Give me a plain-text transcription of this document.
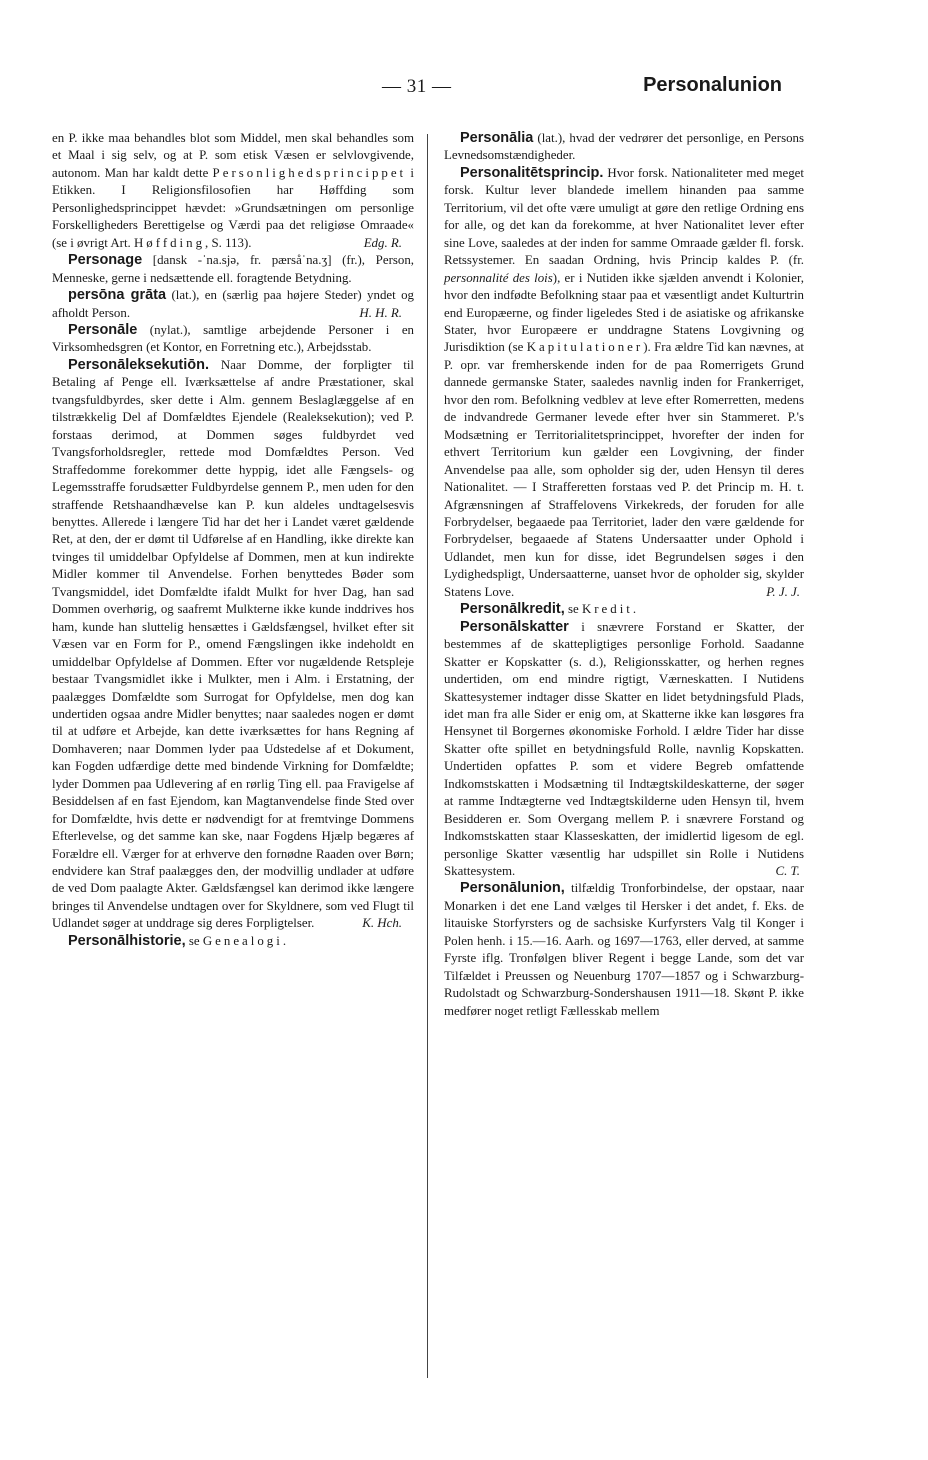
— 31 —	Personalunion

en P. ikke maa behandles blot som Middel, men skal behandles som et Maal i sig selv, og at P. som etisk Væsen er selvlovgivende, autonom. Man har kaldt dette Personlighedsprincippet i Etikken. I Religionsfilosofien har Høffding som Personlighedsprincippet hævdet: »Grundsætningen om personlige Forskelligheders Berettigelse og Værdi paa det religiøse Omraade« (se i øvrigt Art. Høffding, S. 113).	Edg. R.

Personage [dansk -ˈna.sjə, fr. pærsåˈna.ʒ] (fr.), Person, Menneske, gerne i nedsættende ell. foragtende Betydning.

persōna grāta (lat.), en (særlig paa højere Steder) yndet og afholdt Person.	H. H. R.

Personāle (nylat.), samtlige arbejdende Personer i en Virksomhedsgren (et Kontor, en Forretning etc.), Arbejdsstab.

Personāleksekutiōn. Naar Domme, der forpligter til Betaling af Penge ell. Iværksættelse af andre Præstationer, skal tvangsfuldbyrdes, sker dette i Alm. gennem Beslaglæggelse af en tilstrækkelig Del af Domfældtes Ejendele (Realeksekution); ved P. forstaas derimod, at Dommen søges fuldbyrdet ved Tvangsforholdsregler, rettede mod Domfældtes Person. Ved Straffedomme forekommer dette hyppig, idet alle Fængsels- og Legemsstraffe forudsætter Fuldbyrdelse gennem P., men uden for den straffende Retshaandhævelse kan P. kun aldeles undtagelsesvis benyttes. Allerede i længere Tid har det her i Landet været gældende Ret, at den, der er dømt til Udførelse af en Handling, ikke direkte kan tvinges til umiddelbar Opfyldelse af Dommen, men at kun indirekte Midler kommer til Anvendelse. Forhen benyttedes Bøder som Tvangsmiddel, idet Domfældte ifaldt Mulkt for hver Dag, han sad Dommen overhørig, og saafremt Mulkterne ikke kunde inddrives hos ham, kunde han sluttelig hensættes i Gældsfængsel, hvilket efter sit Væsen var en Form for P., omend Fængslingen ikke indeholdt en umiddelbar Opfyldelse af Dommen. Efter vor nugældende Retspleje bestaar Tvangsmidlet ikke i Mulkter, men i Alm. i Erstatning, der paalægges Domfældte som Surrogat for Opfyldelse, men dog kan undertiden ogsaa andre Midler benyttes; naar saaledes nogen er dømt til at udføre et Arbejde, kan dette iværksættes for hans Regning af Domhaveren; naar Dommen lyder paa Udstedelse af et Dokument, kan Fogden udfærdige dette med bindende Virkning for Domfældte; lyder Dommen paa Udlevering af en rørlig Ting ell. paa Fravigelse af Besiddelsen af en fast Ejendom, kan Magtanvendelse finde Sted over for Domfældte, hvis dette er nødvendigt for at fremtvinge Dommens Efterlevelse, og det samme kan ske, naar Fogdens Hjælp begæres af Forældre ell. Værger for at erhverve den fornødne Raaden over Børn; endvidere kan Straf paalægges den, der modvillig undlader at udføre de ved Dom paalagte Akter. Gældsfængsel kan derimod ikke længere bringes til Anvendelse undtagen over for Skyldnere, som ved Flugt til Udlandet søger at unddrage sig deres Forpligtelser.	K. Hch.

Personālhistorie, se Genealogi.

Personālia (lat.), hvad der vedrører det personlige, en Persons Levnedsomstændigheder.

Personalitētsprincip. Hvor forsk. Nationaliteter med meget forsk. Kultur lever blandede imellem hinanden paa samme Territorium, vil det ofte være umuligt at gøre den retlige Ordning ens for alle, og det kan da forekomme, at hver Nationalitet lever efter sine Love, saaledes at der inden for samme Omraade gælder fl. forsk. Retssystemer. En saadan Ordning, hvis Princip kaldes P. (fr. personnalité des lois), er i Nutiden ikke sjælden anvendt i Kolonier, hvor den indfødte Befolkning staar paa et væsentligt andet Kulturtrin end Europæerne, og finder ligeledes Sted i de asiatiske og afrikanske Stater, hvor Europæere er unddragne Statens Lovgivning og Jurisdiktion (se Kapitulationer). Fra ældre Tid kan nævnes, at P. opr. var fremherskende inden for de paa Romerrigets Grund dannede germanske Stater, saaledes navnlig inden for Frankerriget, hvor den rom. Befolkning vedblev at leve efter Romerretten, medens de indvandrede Germaner levede efter hver sin Stammeret. P.'s Modsætning er Territorialitetsprincippet, hvorefter der inden for ethvert Territorium kun gælder een Lovgivning, der finder Anvendelse paa alle, som opholder sig der, uden Hensyn til deres Nationalitet. — I Strafferetten forstaas ved P. det Princip m. H. t. Afgrænsningen af Straffelovens Virkekreds, der foruden for alle Forbrydelser, begaaede paa Territoriet, lader den være gældende for Forbrydelser, begaaede af Statens Undersaatter under Ophold i Udlandet, men kun for disse, idet Begrundelsen søges i den Lydighedspligt, Undersaatterne, uanset hvor de opholder sig, skylder Statens Love.	P. J. J.

Personālkredit, se Kredit.

Personālskatter i snævrere Forstand er Skatter, der bestemmes af de skattepligtiges personlige Forhold. Saadanne Skatter er Kopskatter (s. d.), Religionsskatter, og herhen regnes undertiden, om end mindre rigtigt, Værneskatten. I Nutidens Skattesystemer indtager disse Skatter en lidet betydningsfuld Plads, idet man fra alle Sider er enig om, at Skatterne ikke kan løsgøres fra Hensynet til Borgernes økonomiske Forhold. I ældre Tider har disse Skatter ofte spillet en betydningsfuld Rolle, navnlig Kopskatten. Undertiden opfattes P. som et videre Begreb omfattende Indkomstskatten i Modsætning til Indtægtskildeskatterne, der søger at ramme Indtægterne ved Indtægtskilderne uden Hensyn til, hvem Besidderen er. Som Overgang mellem P. i snævrere Forstand og Indkomstskatten staar Klasseskatten, der imidlertid ligesom de egl. personlige Skatter væsentlig har udspillet sin Rolle i Nutidens Skattesystem.	C. T.

Personālunion, tilfældig Tronforbindelse, der opstaar, naar Monarken i det ene Land vælges til Hersker i det andet, f. Eks. de litauiske Storfyrsters og de sachsiske Kurfyrsters Valg til Konger i Polen henh. i 15.—16. Aarh. og 1697—1763, eller derved, at samme Fyrste iflg. Tronfølgen bliver Regent i begge Lande, som det var Tilfældet i Preussen og Neuenburg 1707—1857 og i Schwarzburg-Rudolstadt og Schwarzburg-Sondershausen 1911—18. Skønt P. ikke medfører noget retligt Fællesskab mellem
